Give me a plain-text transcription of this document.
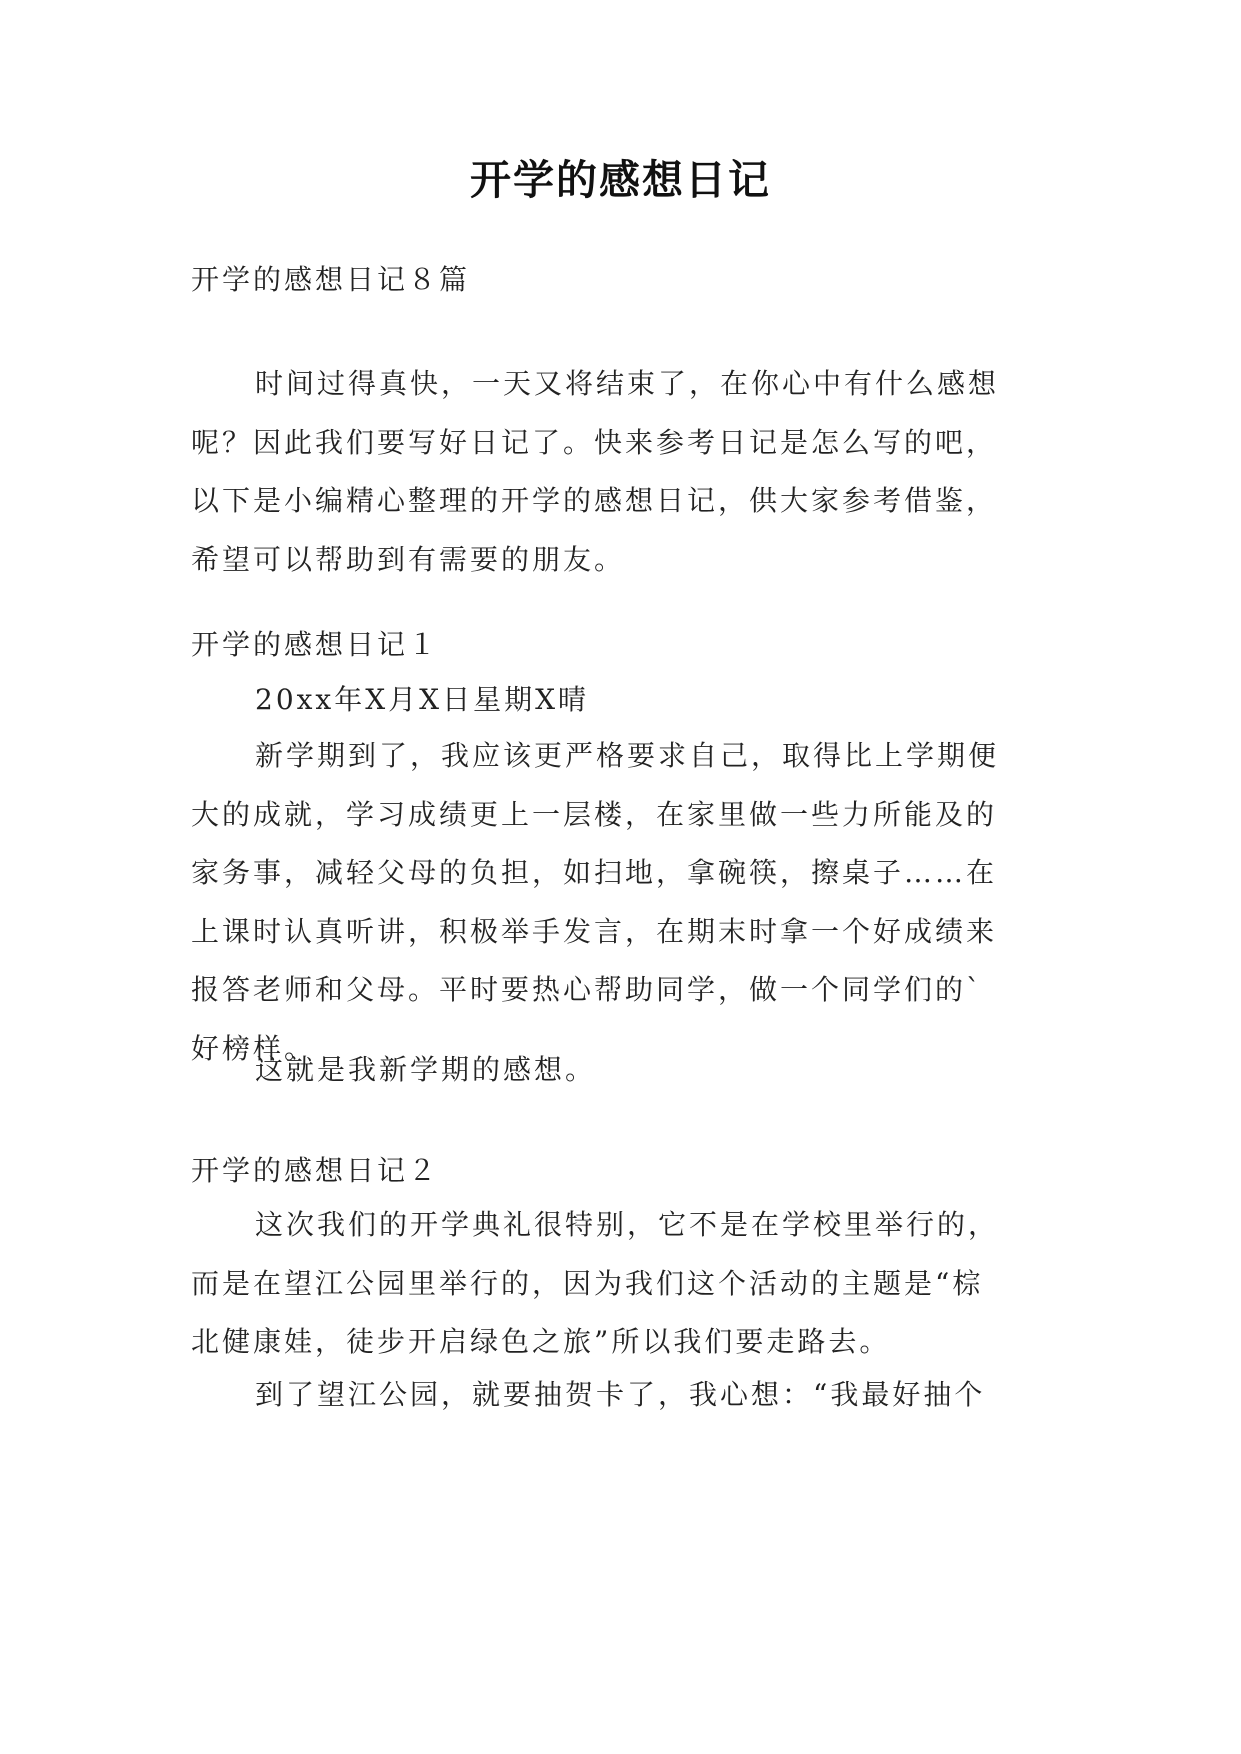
开学的感想日记

开学的感想日记８篇

时间过得真快，一天又将结束了，在你心中有什么感想
呢？因此我们要写好日记了。快来参考日记是怎么写的吧，
以下是小编精心整理的开学的感想日记，供大家参考借鉴，
希望可以帮助到有需要的朋友。

开学的感想日记１

20xx年X月X日星期X晴

新学期到了，我应该更严格要求自己，取得比上学期便
大的成就，学习成绩更上一层楼，在家里做一些力所能及的
家务事，减轻父母的负担，如扫地，拿碗筷，擦桌子……在
上课时认真听讲，积极举手发言，在期末时拿一个好成绩来
报答老师和父母。平时要热心帮助同学，做一个同学们的`
好榜样。

这就是我新学期的感想。

开学的感想日记２

这次我们的开学典礼很特别，它不是在学校里举行的，
而是在望江公园里举行的，因为我们这个活动的主题是“棕
北健康娃，徒步开启绿色之旅”所以我们要走路去。

到了望江公园，就要抽贺卡了，我心想：“我最好抽个
